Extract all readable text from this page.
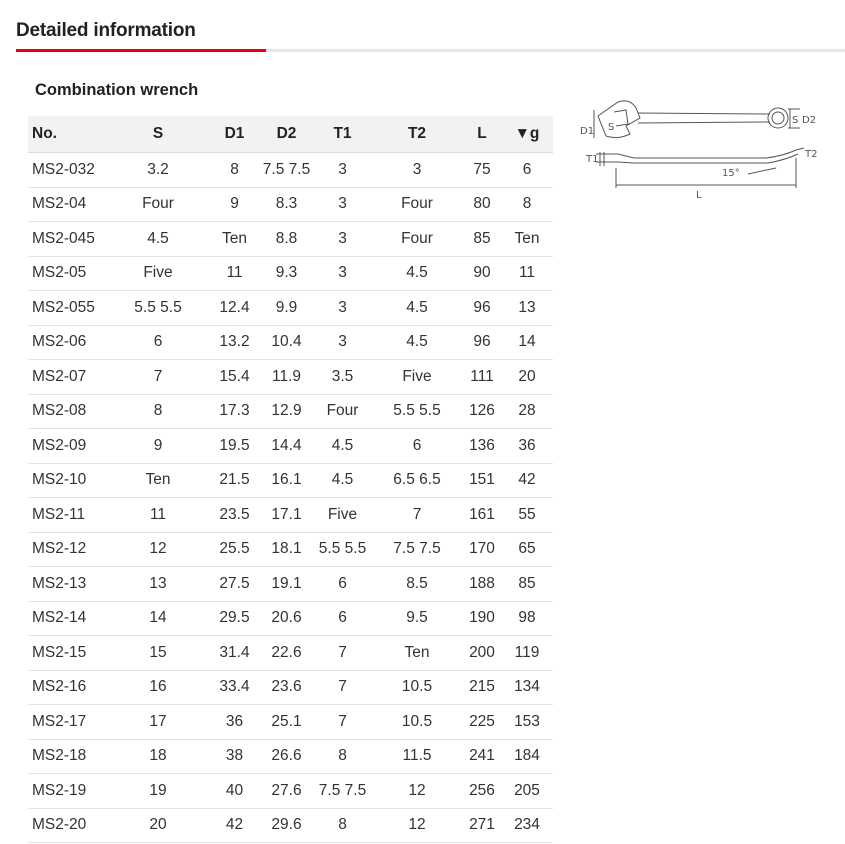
Detailed information
Combination wrench
No.	S	D1	D2	T1	T2	L	▼g
MS2-032	3.2	8	7.5 7.5	3	3	75	6
MS2-04	Four	9	8.3	3	Four	80	8
MS2-045	4.5	Ten	8.8	3	Four	85	Ten
MS2-05	Five	11	9.3	3	4.5	90	11
MS2-055	5.5 5.5	12.4	9.9	3	4.5	96	13
MS2-06	6	13.2	10.4	3	4.5	96	14
MS2-07	7	15.4	11.9	3.5	Five	111	20
MS2-08	8	17.3	12.9	Four	5.5 5.5	126	28
MS2-09	9	19.5	14.4	4.5	6	136	36
MS2-10	Ten	21.5	16.1	4.5	6.5 6.5	151	42
MS2-11	11	23.5	17.1	Five	7	161	55
MS2-12	12	25.5	18.1	5.5 5.5	7.5 7.5	170	65
MS2-13	13	27.5	19.1	6	8.5	188	85
MS2-14	14	29.5	20.6	6	9.5	190	98
MS2-15	15	31.4	22.6	7	Ten	200	119
MS2-16	16	33.4	23.6	7	10.5	215	134
MS2-17	17	36	25.1	7	10.5	225	153
MS2-18	18	38	26.6	8	11.5	241	184
MS2-19	19	40	27.6	7.5 7.5	12	256	205
MS2-20	20	42	29.6	8	12	271	234
D1 S
S D2
T1	T2
15°
L
